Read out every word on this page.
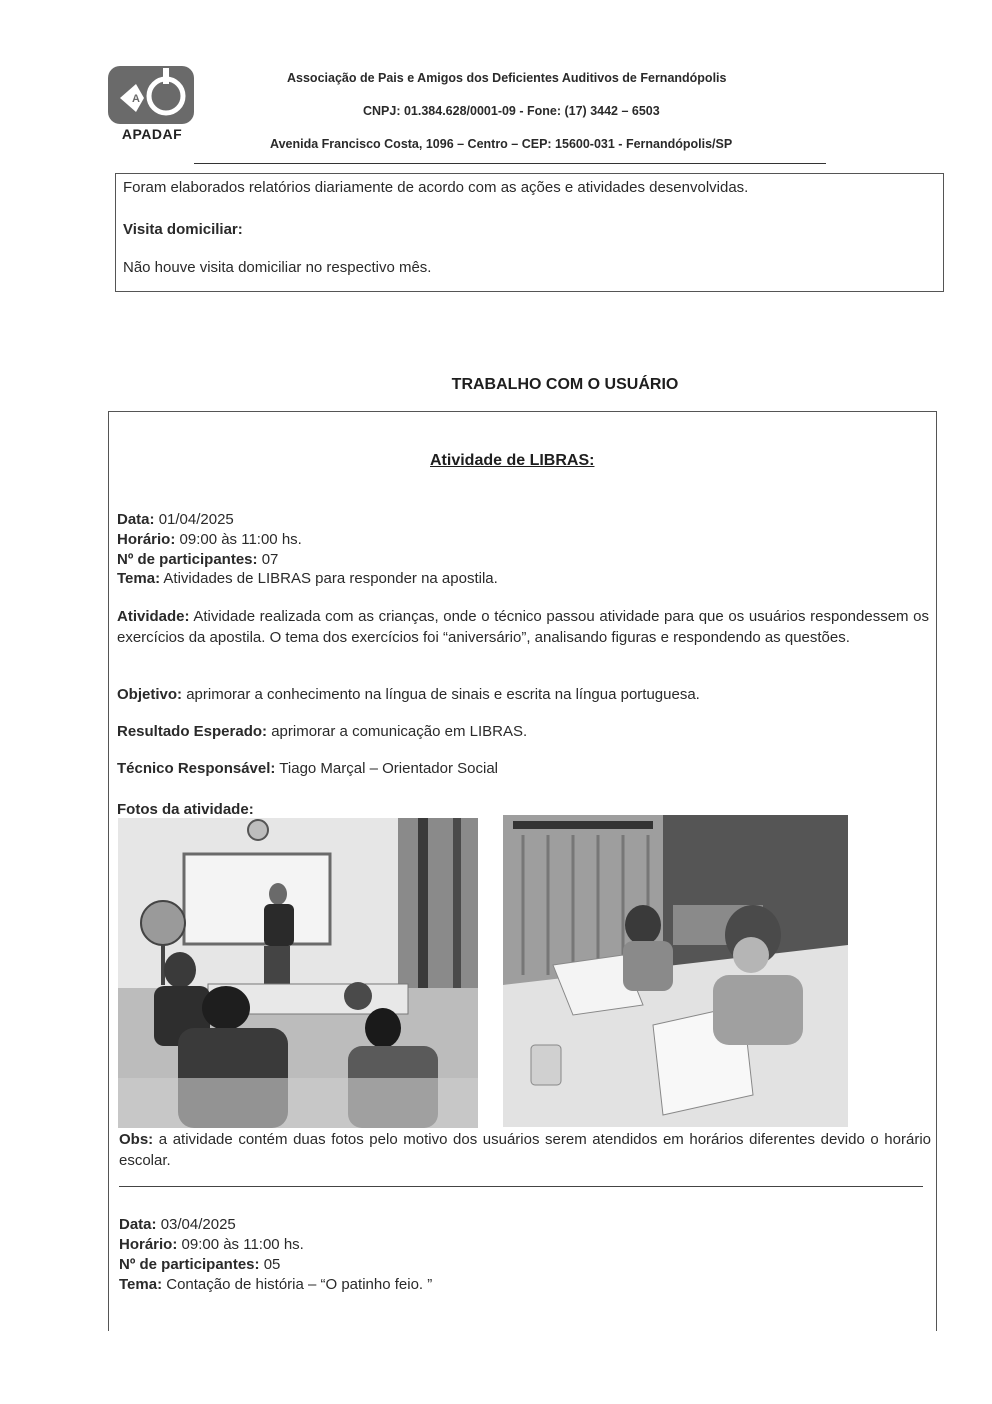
A
APADAF
Associação de Pais e Amigos dos Deficientes Auditivos de Fernandópolis
CNPJ: 01.384.628/0001-09 - Fone: (17) 3442 – 6503
Avenida Francisco Costa, 1096 – Centro – CEP: 15600-031 - Fernandópolis/SP
Foram elaborados relatórios diariamente de acordo com as ações e atividades desenvolvidas.
Visita domiciliar:
Não houve visita domiciliar no respectivo mês.
TRABALHO COM O USUÁRIO
Atividade de LIBRAS:
Data: 01/04/2025
Horário: 09:00 às 11:00 hs.
Nº de participantes: 07
Tema: Atividades de LIBRAS para responder na apostila.
Atividade: Atividade realizada com as crianças, onde o técnico passou atividade para que os usuários respondessem os exercícios da apostila. O tema dos exercícios foi “aniversário”, analisando figuras e respondendo as questões.
Objetivo: aprimorar a conhecimento na língua de sinais e escrita na língua portuguesa.
Resultado Esperado: aprimorar a comunicação em LIBRAS.
Técnico Responsável: Tiago Marçal – Orientador Social
Fotos da atividade:
Obs: a atividade contém duas fotos pelo motivo dos usuários serem atendidos em horários diferentes devido o horário escolar.
Data: 03/04/2025
Horário: 09:00 às 11:00 hs.
Nº de participantes: 05
Tema: Contação de história – “O patinho feio. ”
